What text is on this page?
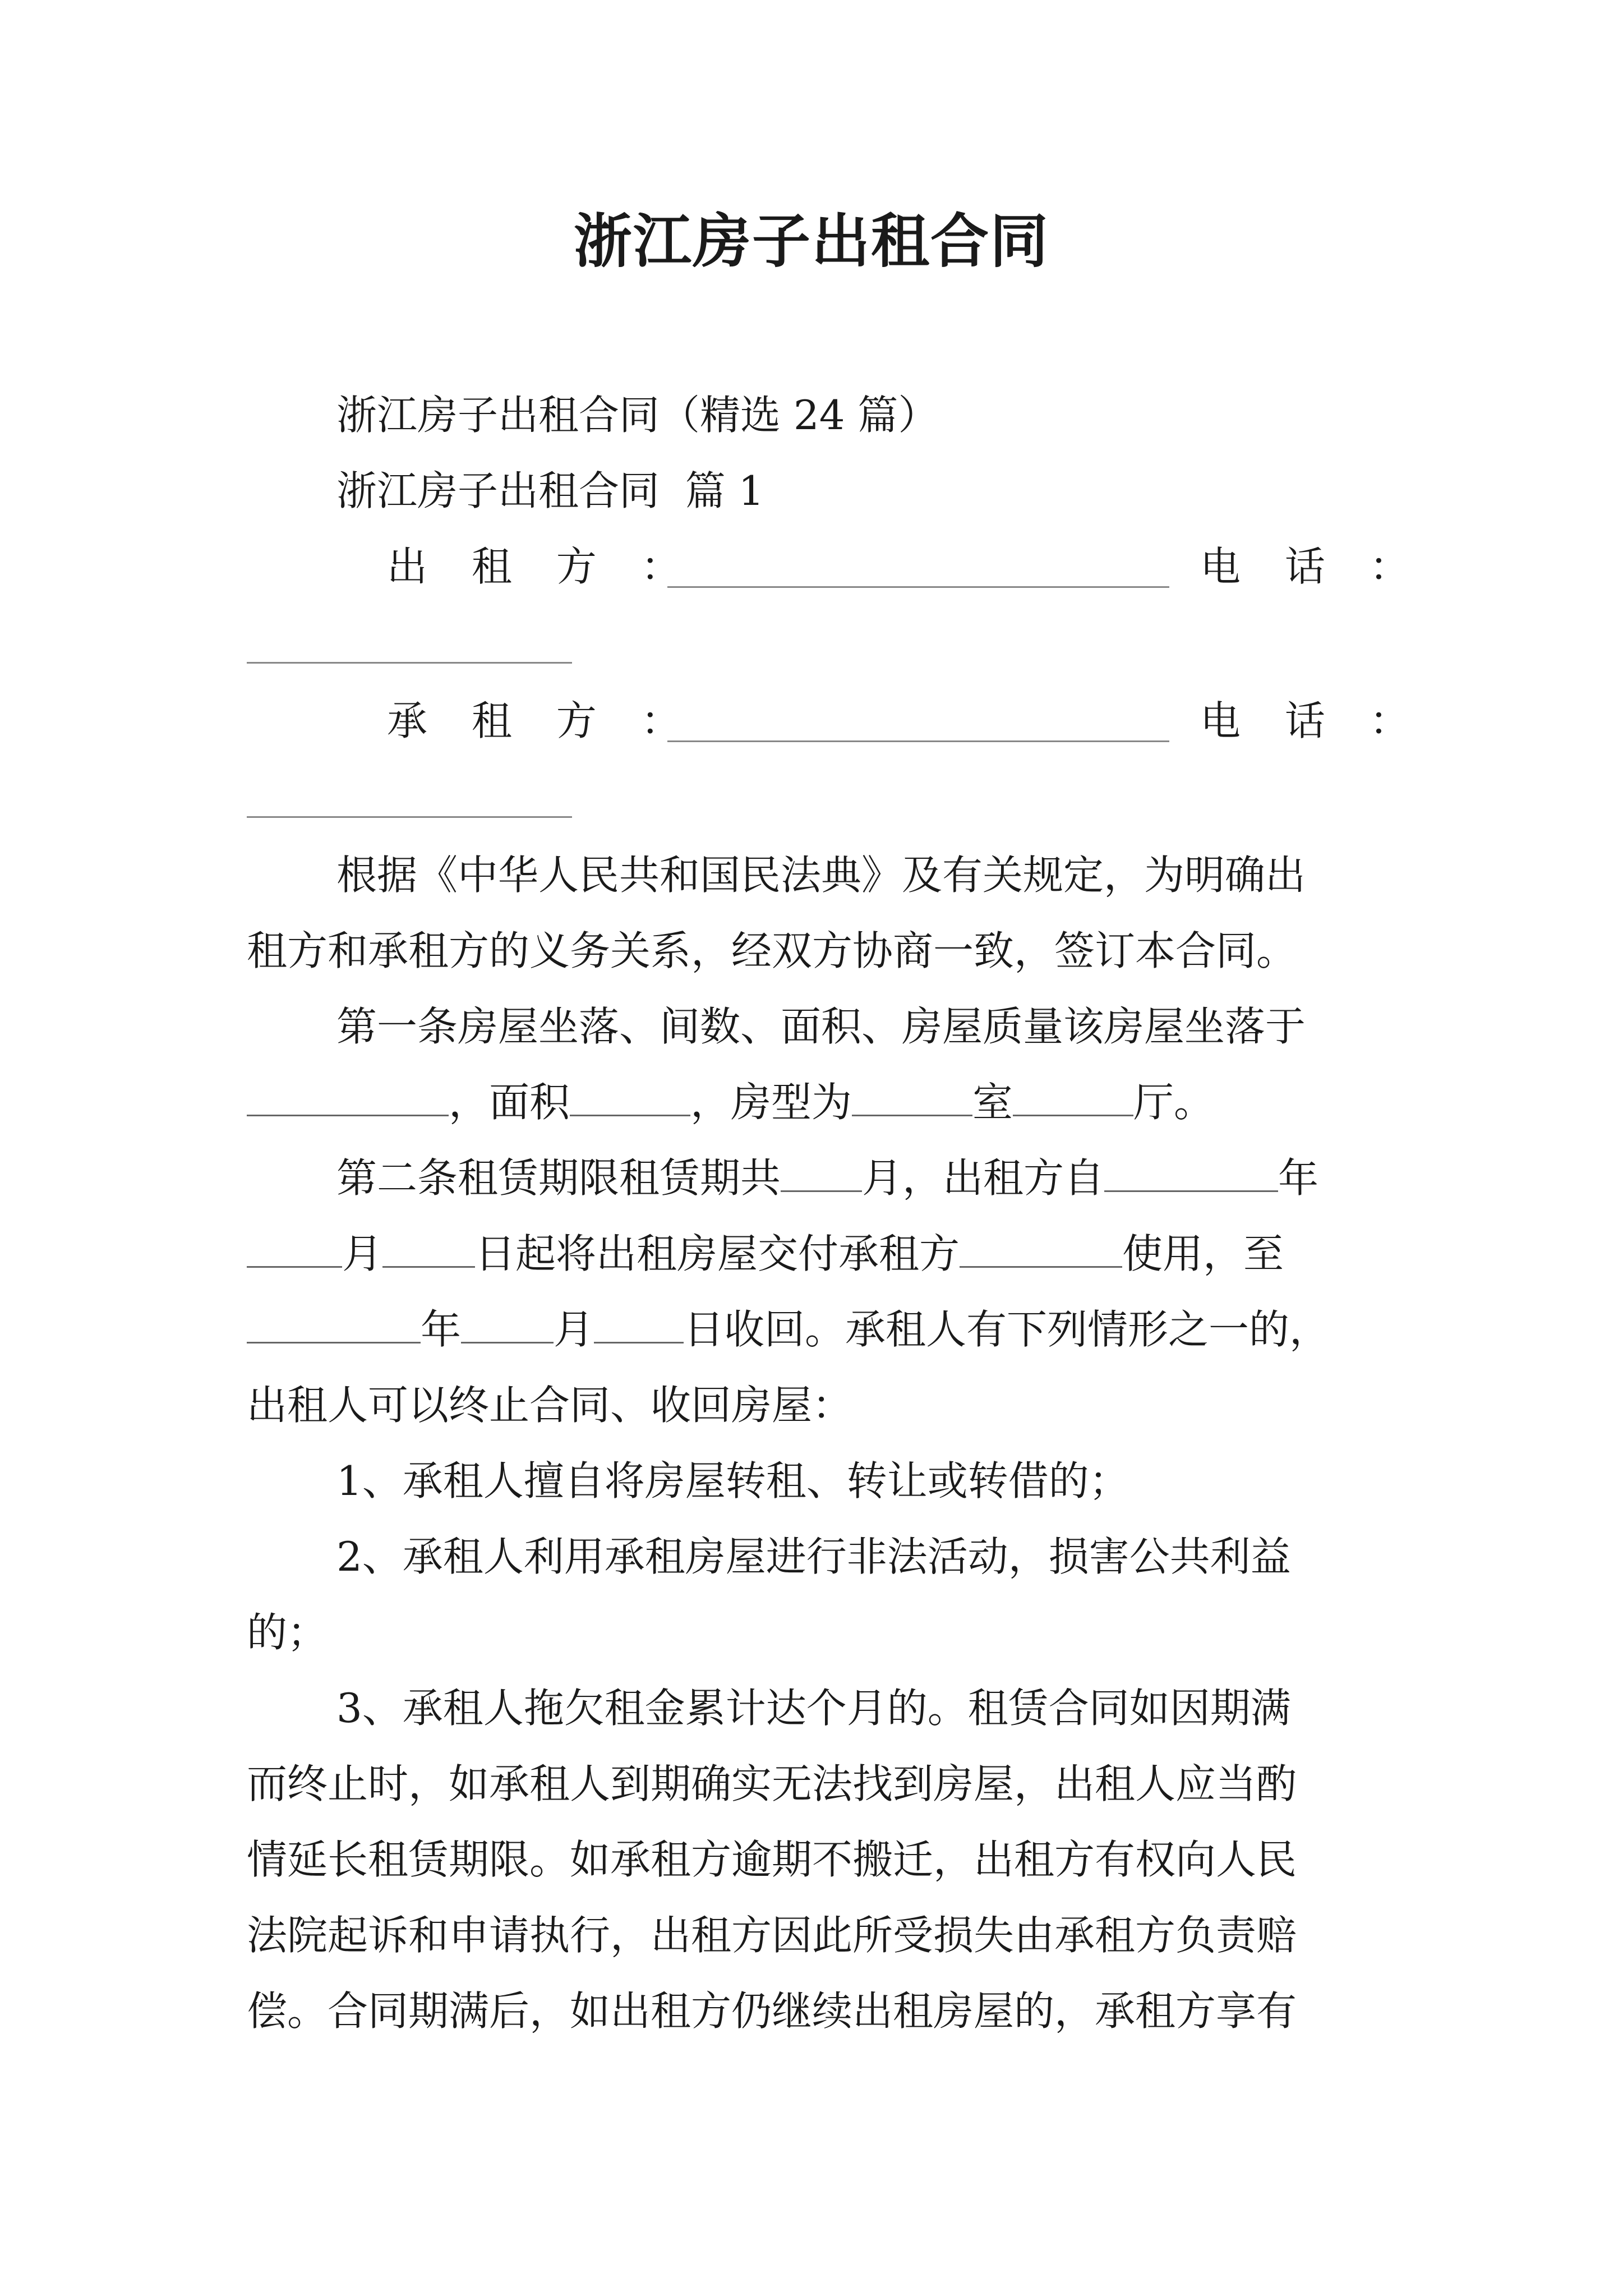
浙江房子出租合同
浙江房子出租合同（精选 24 篇）
浙江房子出租合同  篇 1
出 租 方 ：	电 话 ：
承 租 方 ：	电 话 ：
根据《中华人民共和国民法典》及有关规定，为明确出
租方和承租方的义务关系，经双方协商一致，签订本合同。
第一条房屋坐落、间数、面积、房屋质量该房屋坐落于
，面积	，房型为	室	厅。
第二条租赁期限租赁期共 月，出租方自	年
月 日起将出租房屋交付承租方	使用，至
年 月 日收回。承租人有下列情形之一的，
出租人可以终止合同、收回房屋：
1、承租人擅自将房屋转租、转让或转借的；
2、承租人利用承租房屋进行非法活动，损害公共利益
的；
3、承租人拖欠租金累计达个月的。租赁合同如因期满
而终止时，如承租人到期确实无法找到房屋，出租人应当酌
情延长租赁期限。如承租方逾期不搬迁，出租方有权向人民
法院起诉和申请执行，出租方因此所受损失由承租方负责赔
偿。合同期满后，如出租方仍继续出租房屋的，承租方享有
